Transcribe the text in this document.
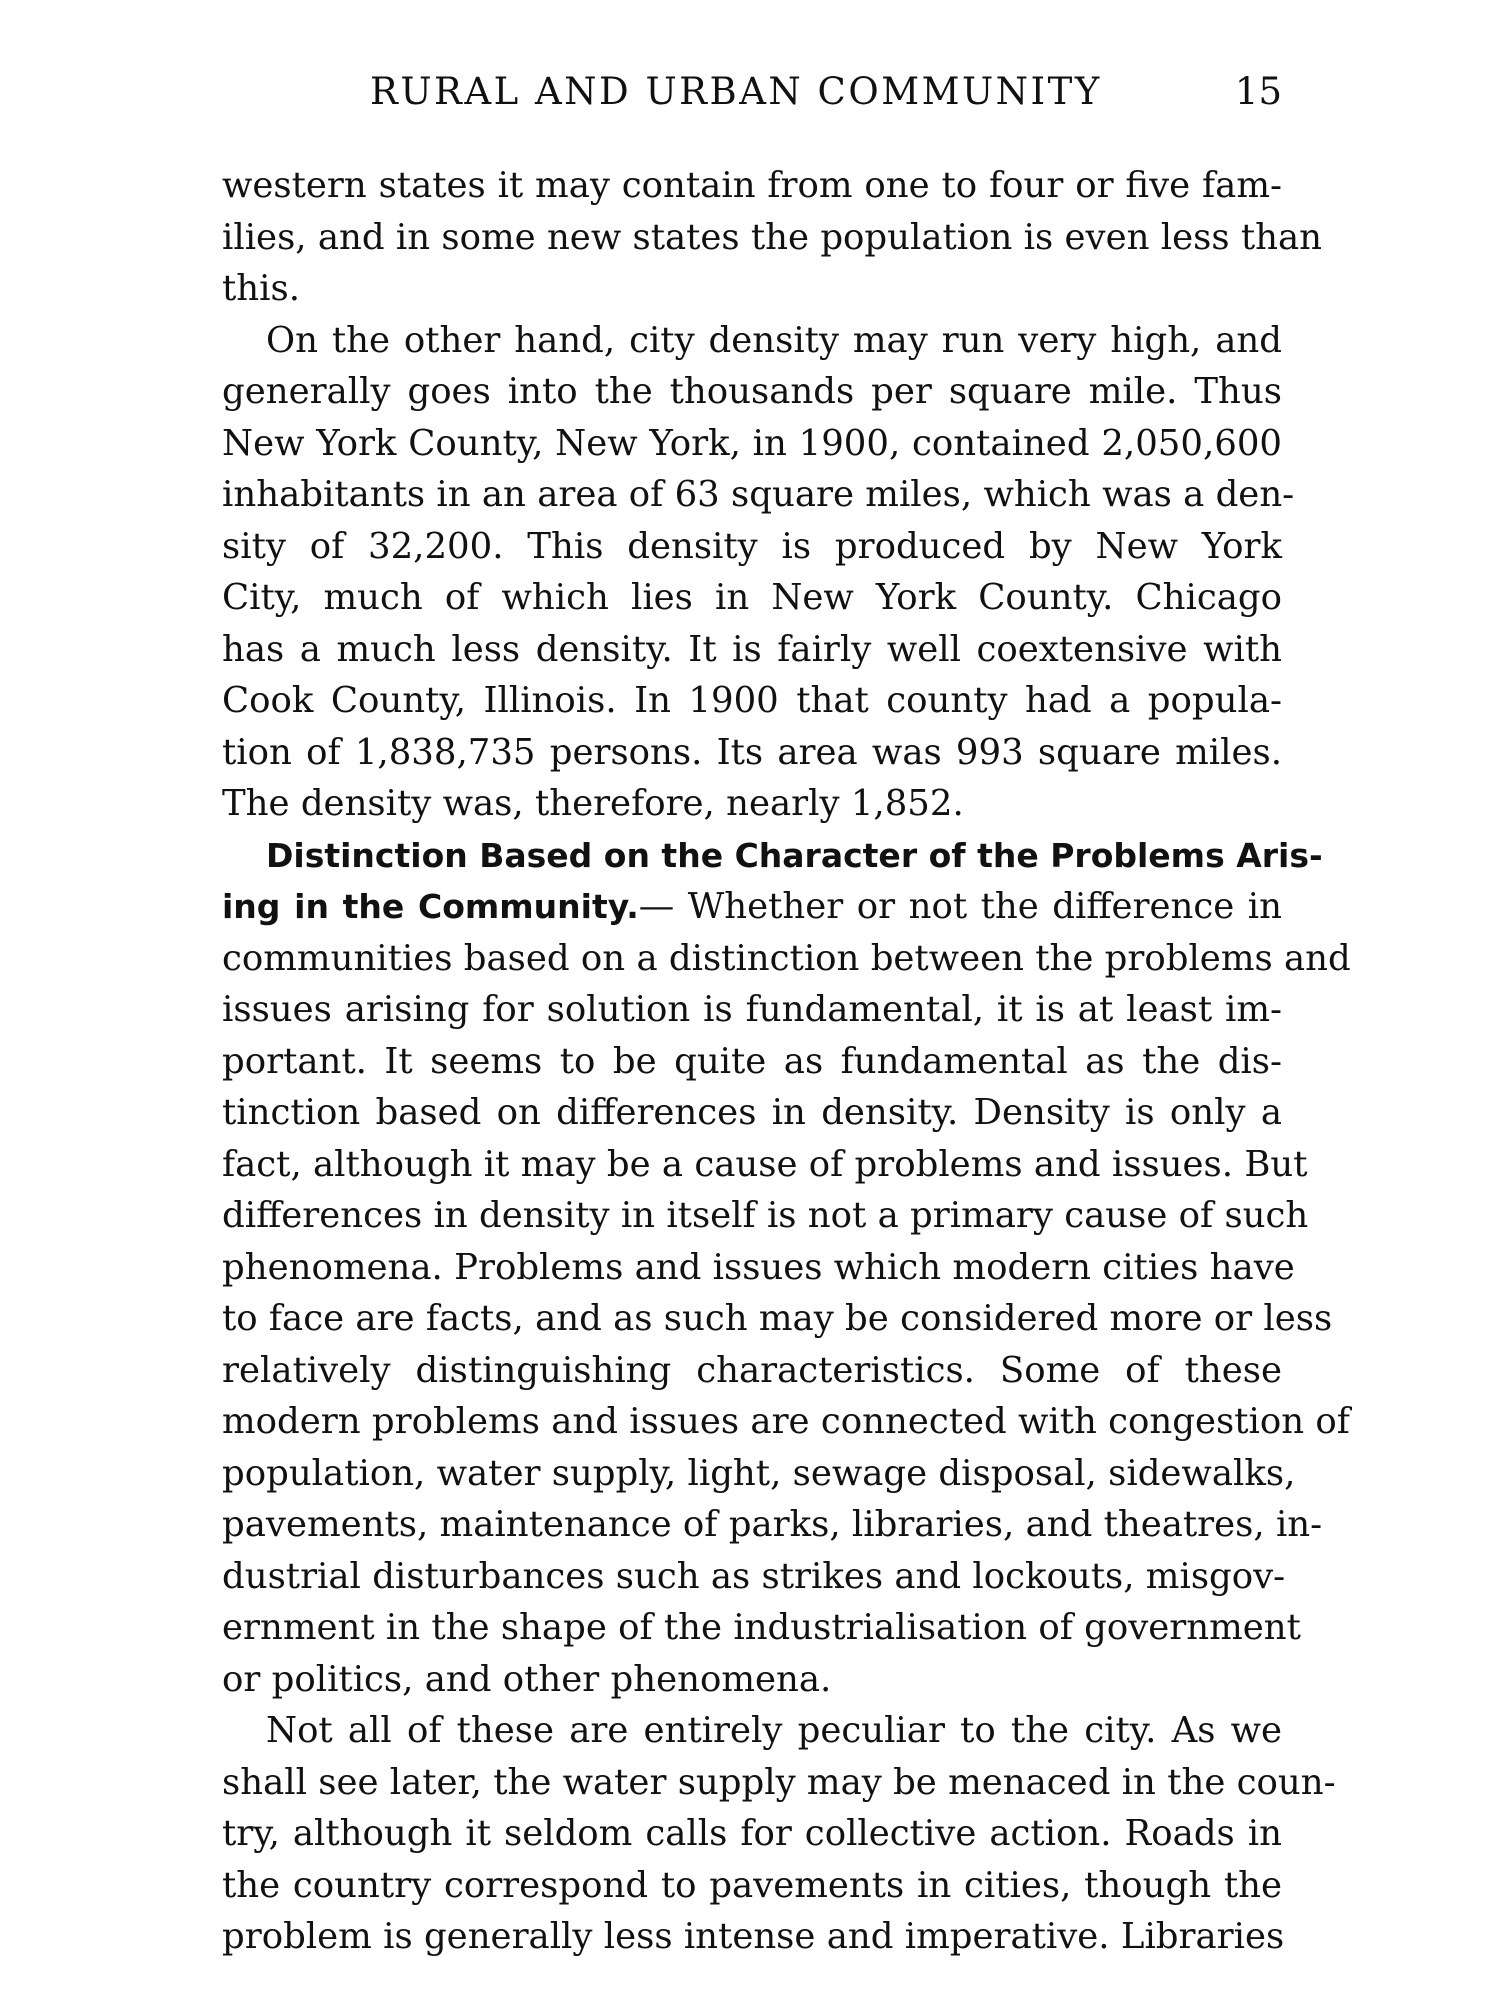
RURAL AND URBAN COMMUNITY	15
western states it may contain from one to four or five fam-
ilies, and in some new states the population is even less than
this.
On the other hand, city density may run very high, and
generally goes into the thousands per square mile. Thus
New York County, New York, in 1900, contained 2,050,600
inhabitants in an area of 63 square miles, which was a den-
sity of 32,200. This density is produced by New York
City, much of which lies in New York County. Chicago
has a much less density. It is fairly well coextensive with
Cook County, Illinois. In 1900 that county had a popula-
tion of 1,838,735 persons. Its area was 993 square miles.
The density was, therefore, nearly 1,852.
Distinction Based on the Character of the Problems Aris-
ing in the Community.— Whether or not the difference in
communities based on a distinction between the problems and
issues arising for solution is fundamental, it is at least im-
portant. It seems to be quite as fundamental as the dis-
tinction based on differences in density. Density is only a
fact, although it may be a cause of problems and issues. But
differences in density in itself is not a primary cause of such
phenomena. Problems and issues which modern cities have
to face are facts, and as such may be considered more or less
relatively distinguishing characteristics. Some of these
modern problems and issues are connected with congestion of
population, water supply, light, sewage disposal, sidewalks,
pavements, maintenance of parks, libraries, and theatres, in-
dustrial disturbances such as strikes and lockouts, misgov-
ernment in the shape of the industrialisation of government
or politics, and other phenomena.
Not all of these are entirely peculiar to the city. As we
shall see later, the water supply may be menaced in the coun-
try, although it seldom calls for collective action. Roads in
the country correspond to pavements in cities, though the
problem is generally less intense and imperative. Libraries
